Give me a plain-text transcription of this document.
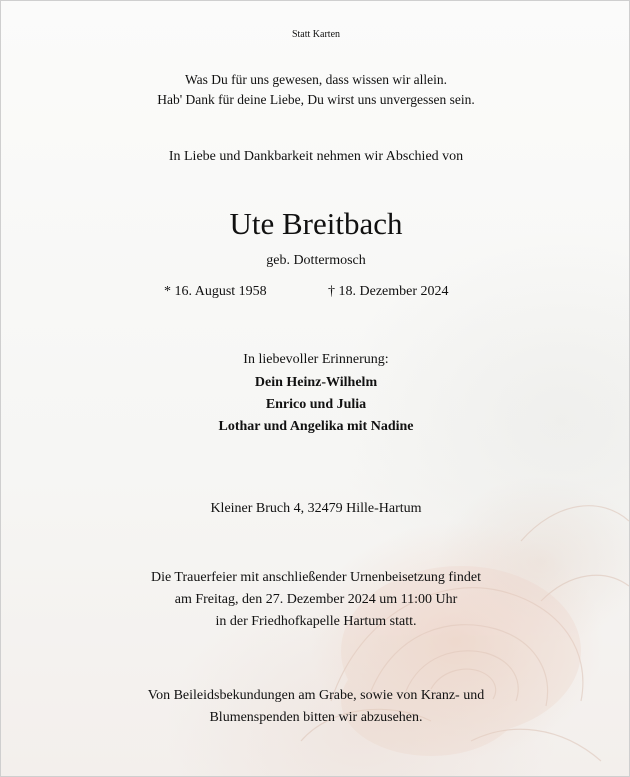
Statt Karten
Was Du für uns gewesen, dass wissen wir allein.
Hab' Dank für deine Liebe, Du wirst uns unvergessen sein.
In Liebe und Dankbarkeit nehmen wir Abschied von
Ute Breitbach
geb. Dottermosch
* 16. August 1958	† 18. Dezember 2024
In liebevoller Erinnerung:
Dein Heinz-Wilhelm
Enrico und Julia
Lothar und Angelika mit Nadine
Kleiner Bruch 4, 32479 Hille-Hartum
Die Trauerfeier mit anschließender Urnenbeisetzung findet
am Freitag, den 27. Dezember 2024 um 11:00 Uhr
in der Friedhofkapelle Hartum statt.
Von Beileidsbekundungen am Grabe, sowie von Kranz- und
Blumenspenden bitten wir abzusehen.
